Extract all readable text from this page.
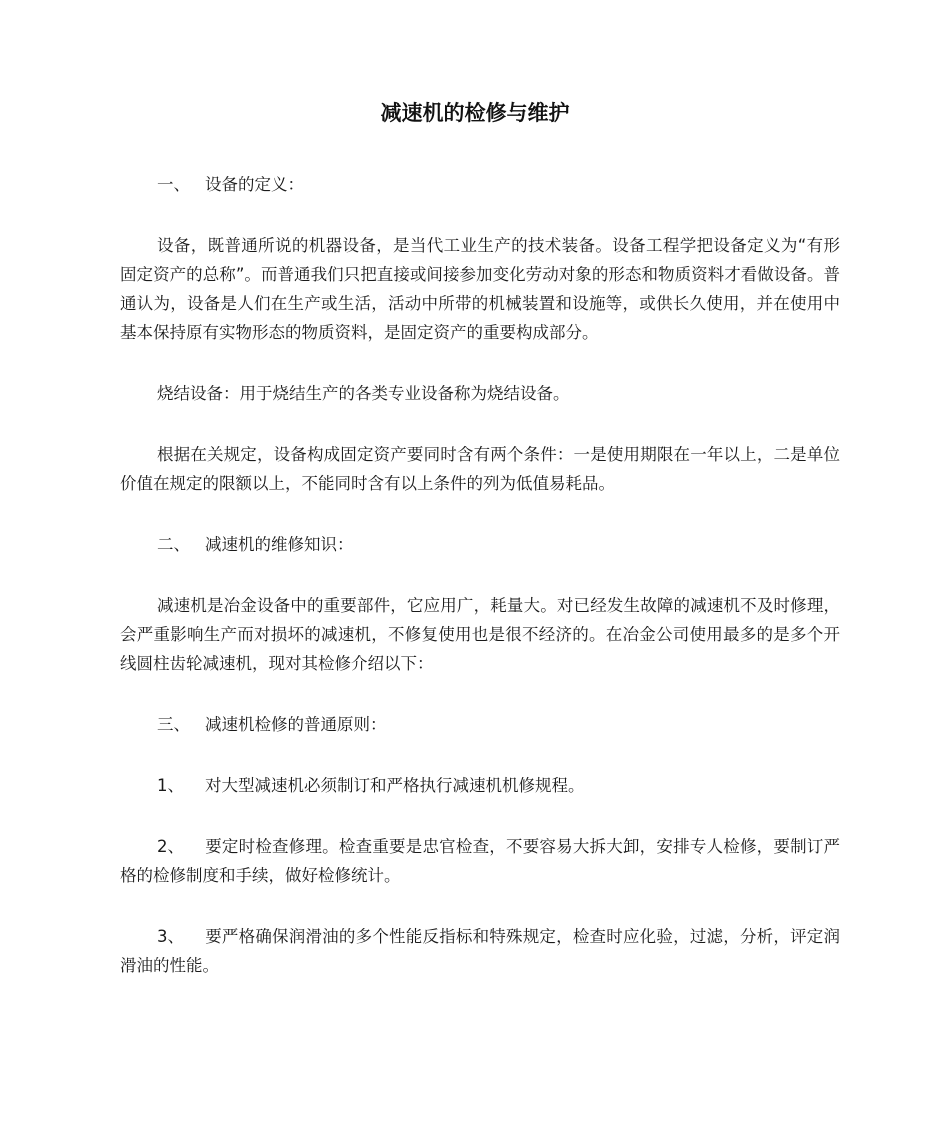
减速机的检修与维护

一、 设备的定义：

设备，既普通所说的机器设备，是当代工业生产的技术装备。设备工程学把设备定义为“有形固定资产的总称”。而普通我们只把直接或间接参加变化劳动对象的形态和物质资料才看做设备。普通认为，设备是人们在生产或生活，活动中所带的机械装置和设施等，或供长久使用，并在使用中基本保持原有实物形态的物质资料，是固定资产的重要构成部分。

烧结设备：用于烧结生产的各类专业设备称为烧结设备。

根据在关规定，设备构成固定资产要同时含有两个条件：一是使用期限在一年以上，二是单位价值在规定的限额以上，不能同时含有以上条件的列为低值易耗品。

二、 减速机的维修知识：

减速机是冶金设备中的重要部件，它应用广，耗量大。对已经发生故障的减速机不及时修理，会严重影响生产而对损坏的减速机，不修复使用也是很不经济的。在冶金公司使用最多的是多个开线圆柱齿轮减速机，现对其检修介绍以下：

三、 减速机检修的普通原则：

1、 对大型减速机必须制订和严格执行减速机机修规程。

2、 要定时检查修理。检查重要是忠官检查，不要容易大拆大卸，安排专人检修，要制订严格的检修制度和手续，做好检修统计。

3、 要严格确保润滑油的多个性能反指标和特殊规定，检查时应化验，过滤，分析，评定润滑油的性能。
